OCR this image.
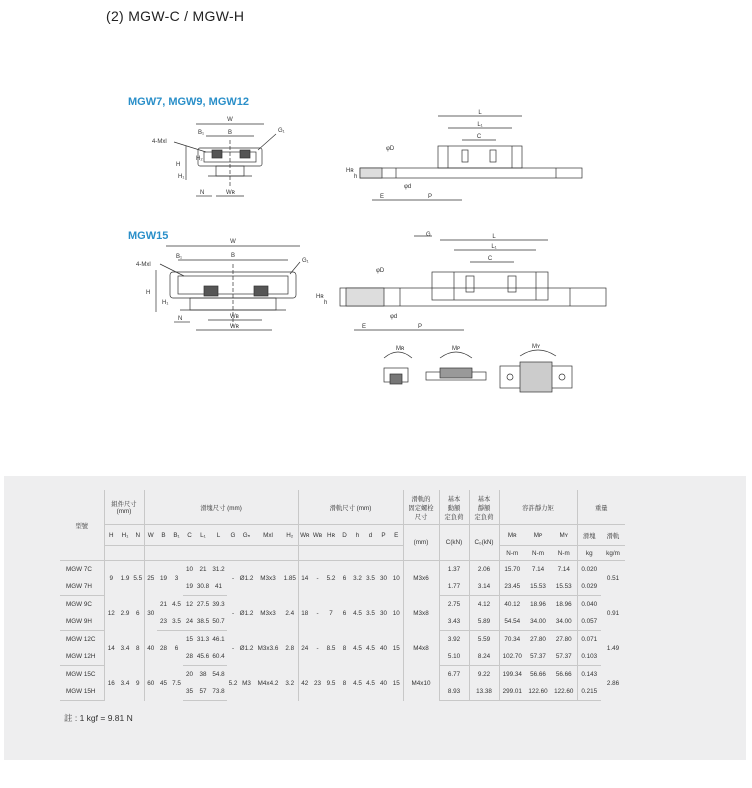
(2) MGW-C / MGW-H
MGW7, MGW9, MGW12
MGW15
W
B
B₁	G₁
4-Mxl
H
H₁
H₂
N	Wʀ
L
L₁
C
φD
Hʀ
h
φd
E	P
W
B
B₁
G₁
4-Mxl
H
H₁
N	Wʙ
Wʀ
G	L
L₁
C
φD
Hʀ
h
φd
E	P
Mʀ	Mᴘ	Mʏ
型號	組件尺寸
(mm)			滑塊尺寸 (mm)										滑軌尺寸 (mm)								滑軌的
固定螺栓
尺寸	基本
動額
定負荷	基本
靜額
定負荷	容許靜力矩			重量	
	H	H₁	N	W	B	B₁	C	L₁	L	G	Gₙ	Mxl	H₂	Wʀ	Wʙ	Hʀ	D	h	d	P	E	(mm)	C(kN)	C₀(kN)	Mʀ	Mᴘ	Mʏ	滑塊	滑軌
																									N-m	N-m	N-m	kg	kg/m
MGW 7C	9	1.9	5.5	25	19	3	10	21	31.2	-	Ø1.2	M3x3	1.85	14	-	5.2	6	3.2	3.5	30	10	M3x6	1.37	2.06	15.70	7.14	7.14	0.020	0.51
MGW 7H							19	30.8	41														1.77	3.14	23.45	15.53	15.53	0.029	
MGW 9C	12	2.9	6	30	21	4.5	12	27.5	39.3	-	Ø1.2	M3x3	2.4	18	-	7	6	4.5	3.5	30	10	M3x8	2.75	4.12	40.12	18.96	18.96	0.040	0.91
MGW 9H					23	3.5	24	38.5	50.7														3.43	5.89	54.54	34.00	34.00	0.057	
MGW 12C	14	3.4	8	40	28	6	15	31.3	46.1	-	Ø1.2	M3x3.6	2.8	24	-	8.5	8	4.5	4.5	40	15	M4x8	3.92	5.59	70.34	27.80	27.80	0.071	1.49
MGW 12H							28	45.6	60.4														5.10	8.24	102.70	57.37	57.37	0.103	
MGW 15C	16	3.4	9	60	45	7.5	20	38	54.8	5.2	M3	M4x4.2	3.2	42	23	9.5	8	4.5	4.5	40	15	M4x10	6.77	9.22	199.34	56.66	56.66	0.143	2.86
MGW 15H							35	57	73.8														8.93	13.38	299.01	122.60	122.60	0.215	
註 : 1 kgf = 9.81 N
